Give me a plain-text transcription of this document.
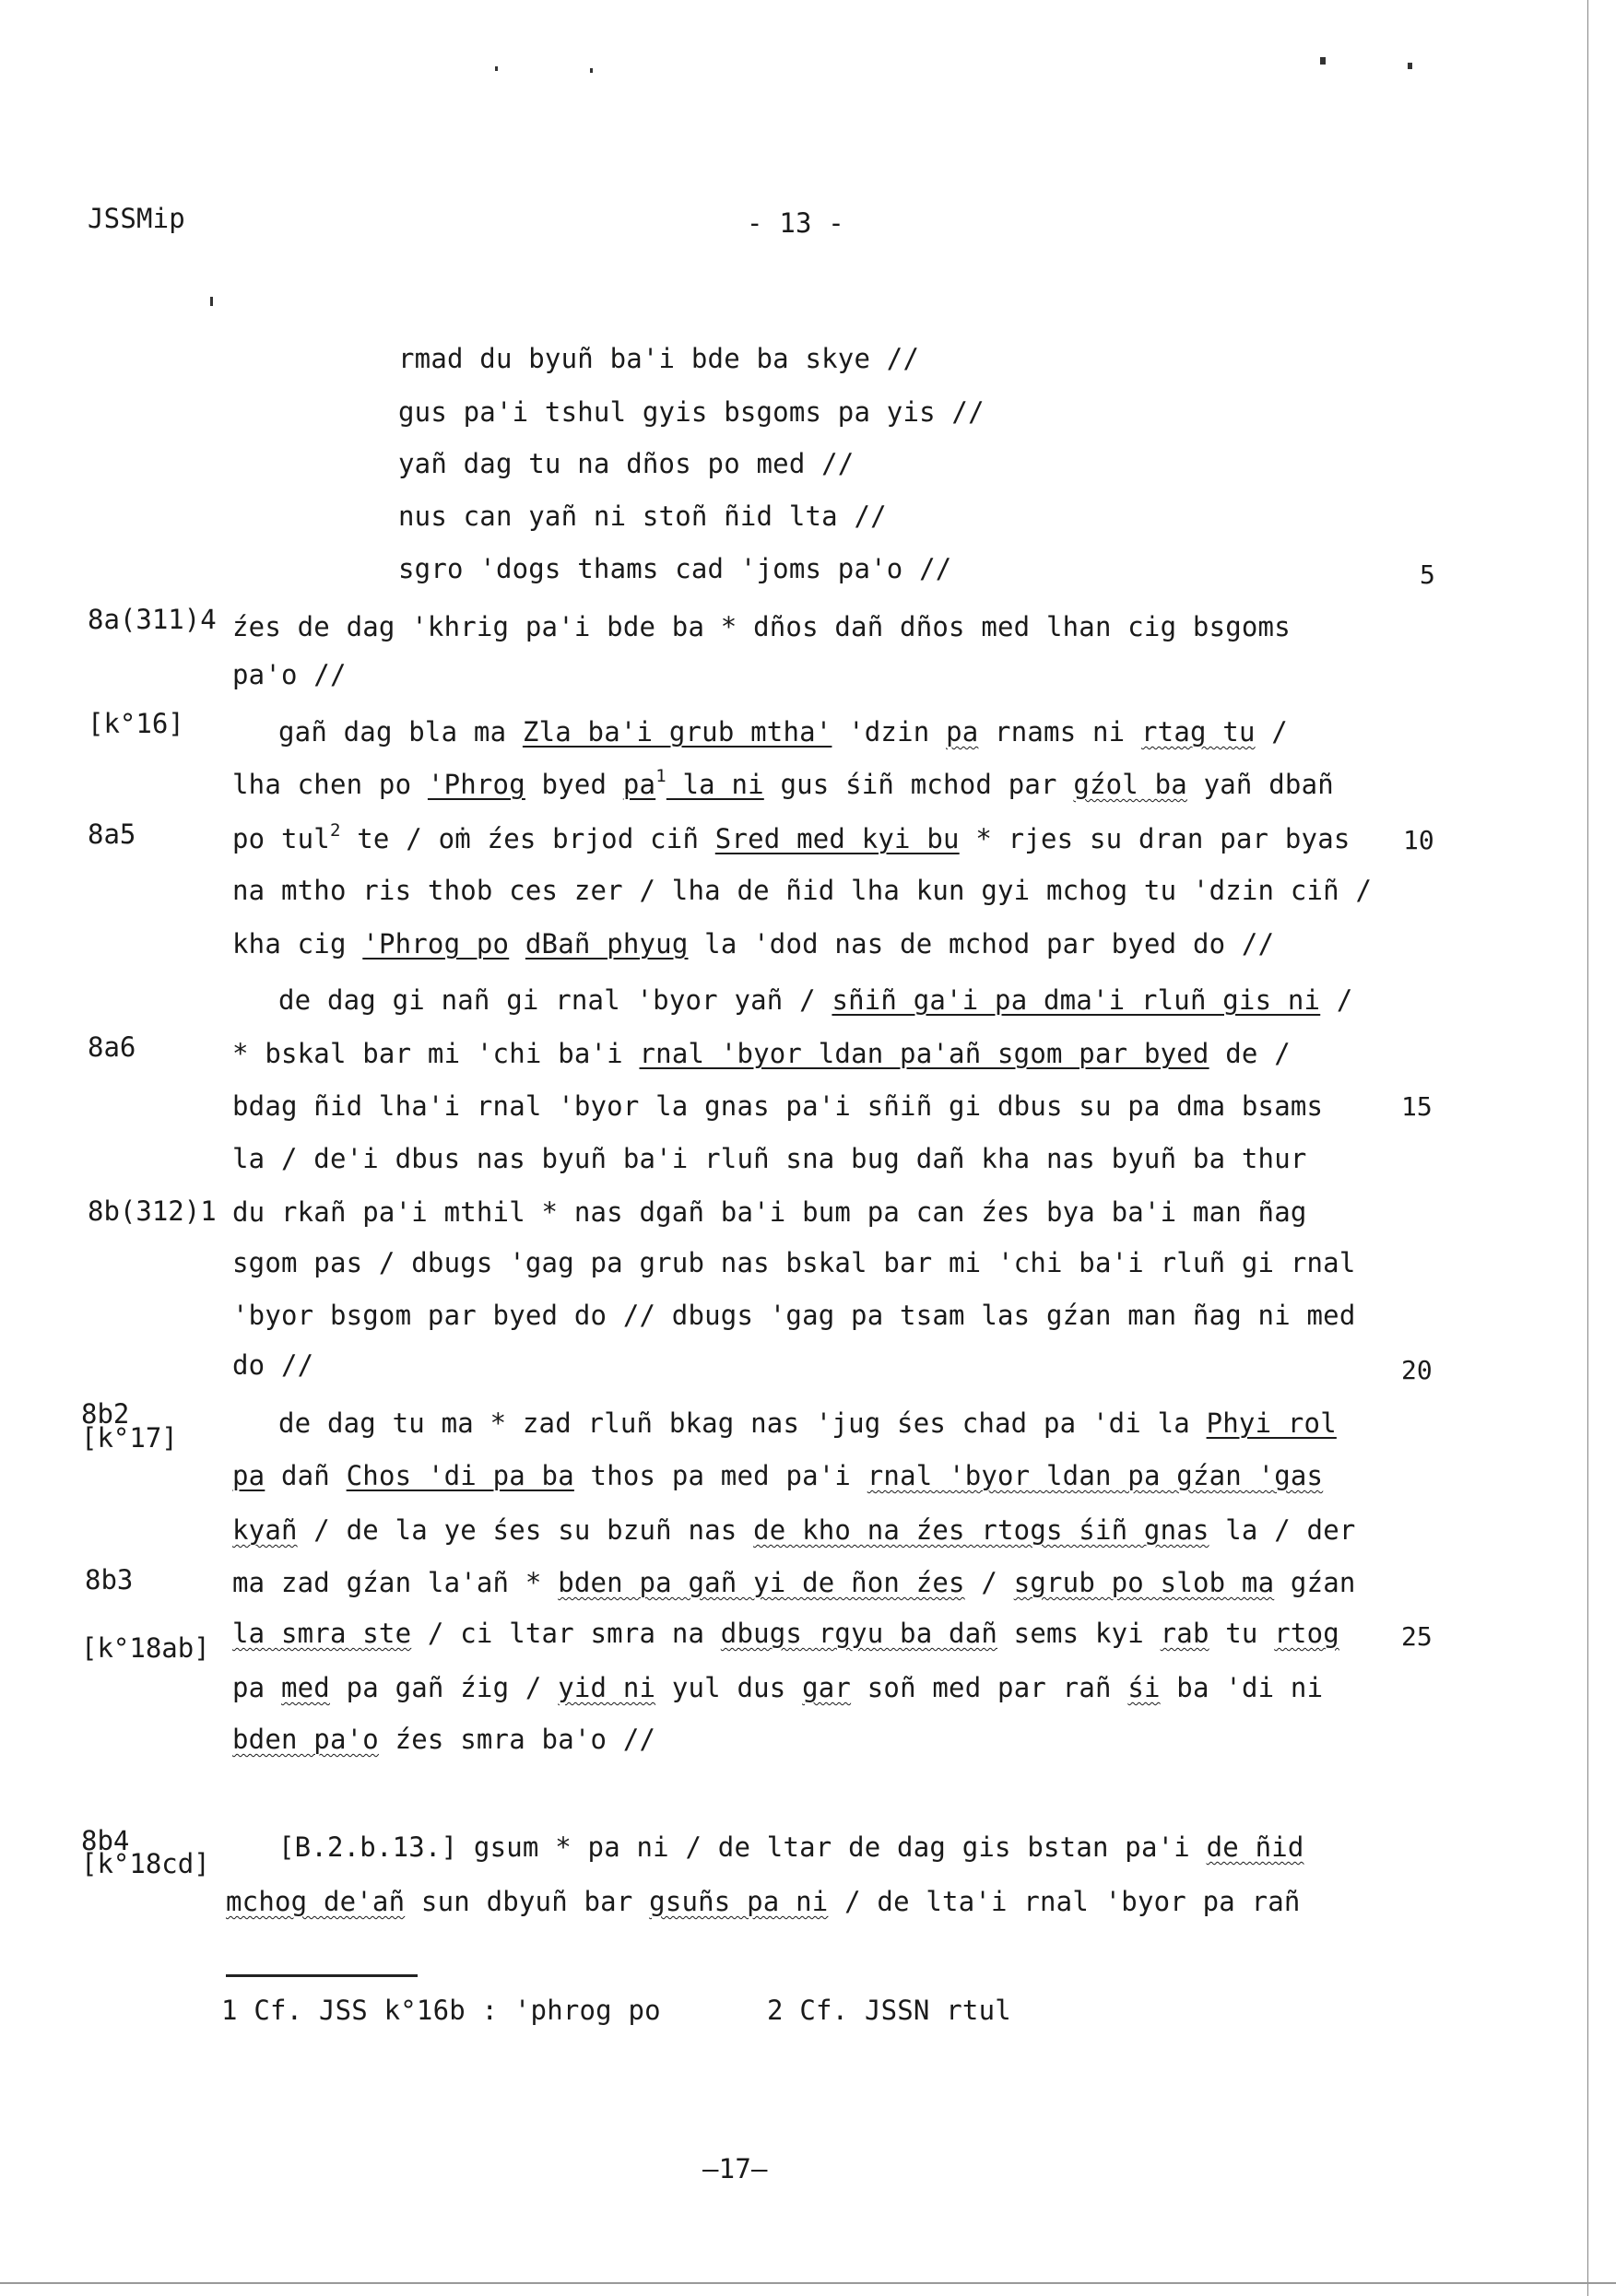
JSSMip	- 13 -
rmad du byuñ ba'i bde ba skye //
gus pa'i tshul gyis bsgoms pa yis //
yañ dag tu na dños po med //
nus can yañ ni stoñ ñid lta //
sgro 'dogs thams cad 'joms pa'o //
źes de dag 'khrig pa'i bde ba * dños dañ dños med lhan cig bsgoms
pa'o //
gañ dag bla ma Zla ba'i grub mtha' 'dzin pa rnams ni rtag tu /
lha chen po 'Phrog byed $pa^1$ la ni gus śiñ mchod par gźol ba yañ dbañ
po tul$^2$ te / oṁ źes brjod ciñ Sred med kyi bu * rjes su dran par byas
na mtho ris thob ces zer / lha de ñid lha kun gyi mchog tu 'dzin ciñ /
kha cig 'Phrog po dBañ phyug la 'dod nas de mchod par byed do //
de dag gi nañ gi rnal 'byor yañ / sñiñ ga'i pa dma'i rluñ gis ni /
* bskal bar mi 'chi ba'i rnal 'byor ldan pa'añ sgom par byed de /
bdag ñid lha'i rnal 'byor la gnas pa'i sñiñ gi dbus su pa dma bsams
la / de'i dbus nas byuñ ba'i rluñ sna bug dañ kha nas byuñ ba thur
du rkañ pa'i mthil * nas dgañ ba'i bum pa can źes bya ba'i man ñag
sgom pas / dbugs 'gag pa grub nas bskal bar mi 'chi ba'i rluñ gi rnal
'byor bsgom par byed do // dbugs 'gag pa tsam las gźan man ñag ni med
do //
de dag tu ma * zad rluñ bkag nas 'jug śes chad pa 'di la Phyi rol
pa dañ Chos 'di pa ba thos pa med pa'i rnal 'byor ldan pa gźan 'gas
kyañ / de la ye śes su bzuñ nas de kho na źes rtogs śiñ gnas la / der
ma zad gźan la'añ * bden pa gañ yi de ñon źes / sgrub po slob ma gźan
la smra ste / ci ltar smra na dbugs rgyu ba dañ sems kyi rab tu rtog
pa med pa gañ źig / yid ni yul dus gar soñ med par rañ śi ba 'di ni
bden pa'o źes smra ba'o //
[B.2.b.13.] gsum * pa ni / de ltar de dag gis bstan pa'i de ñid
mchog de'añ sun dbyuñ bar gsuñs pa ni / de lta'i rnal 'byor pa rañ
8a(311)4
[k°16]
8a5
8a6
8b(312)1
8b2
[k°17]
8b3
[k°18ab]
8b4
[k°18cd]
5
10
15
20
25
1 Cf. JSS k°16b : 'phrog po	2 Cf. JSSN rtul
—17—
